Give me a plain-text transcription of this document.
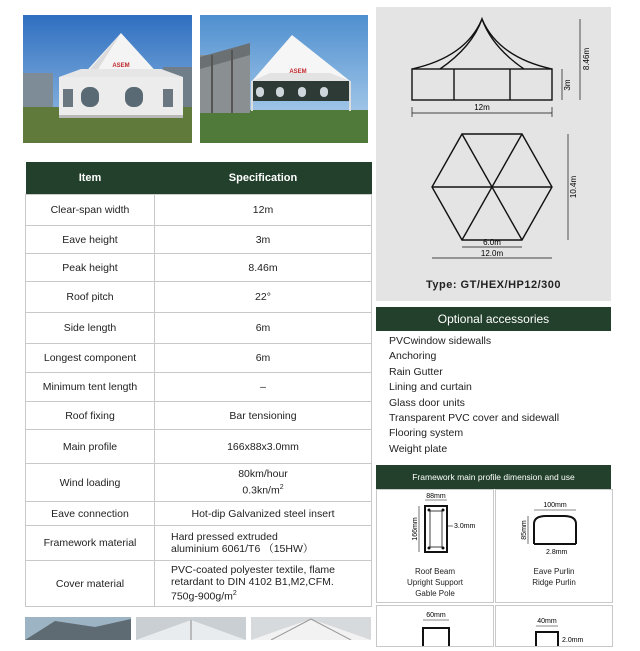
ASEM
ASEM
Item	Specification
Clear-span width	12m
Eave height	3m
Peak height	8.46m
Roof pitch	22°
Side length	6m
Longest component	6m
Minimum tent length	–
Roof fixing	Bar tensioning
Main profile	166x88x3.0mm
Wind loading	80km/hour
$0.3kn/m^2$

Eave connection	Hot-dip Galvanized steel insert
Framework material	Hard pressed extruded
aluminium 6061/T6 （15HW）

Cover material	PVC-coated polyester textile, flame
retardant to DIN 4102 B1,M2,CFM.
$750g-900g/m^2$
12m
8.46m
3m
6.0m
12.0m
10.4m
Type: GT/HEX/HP12/300
Optional accessories
PVCwindow sidewalls
Anchoring
Rain Gutter
Lining and curtain
Glass door units
Transparent PVC cover and sidewall
Flooring system
Weight plate
Framework main profile dimension and use
88mm
166mm	3.0mm
Roof Beam
Upright Support
Gable Pole
100mm
85mm
2.8mm
Eave Purlin
Ridge Purlin
60mm
40mm
2.0mm
